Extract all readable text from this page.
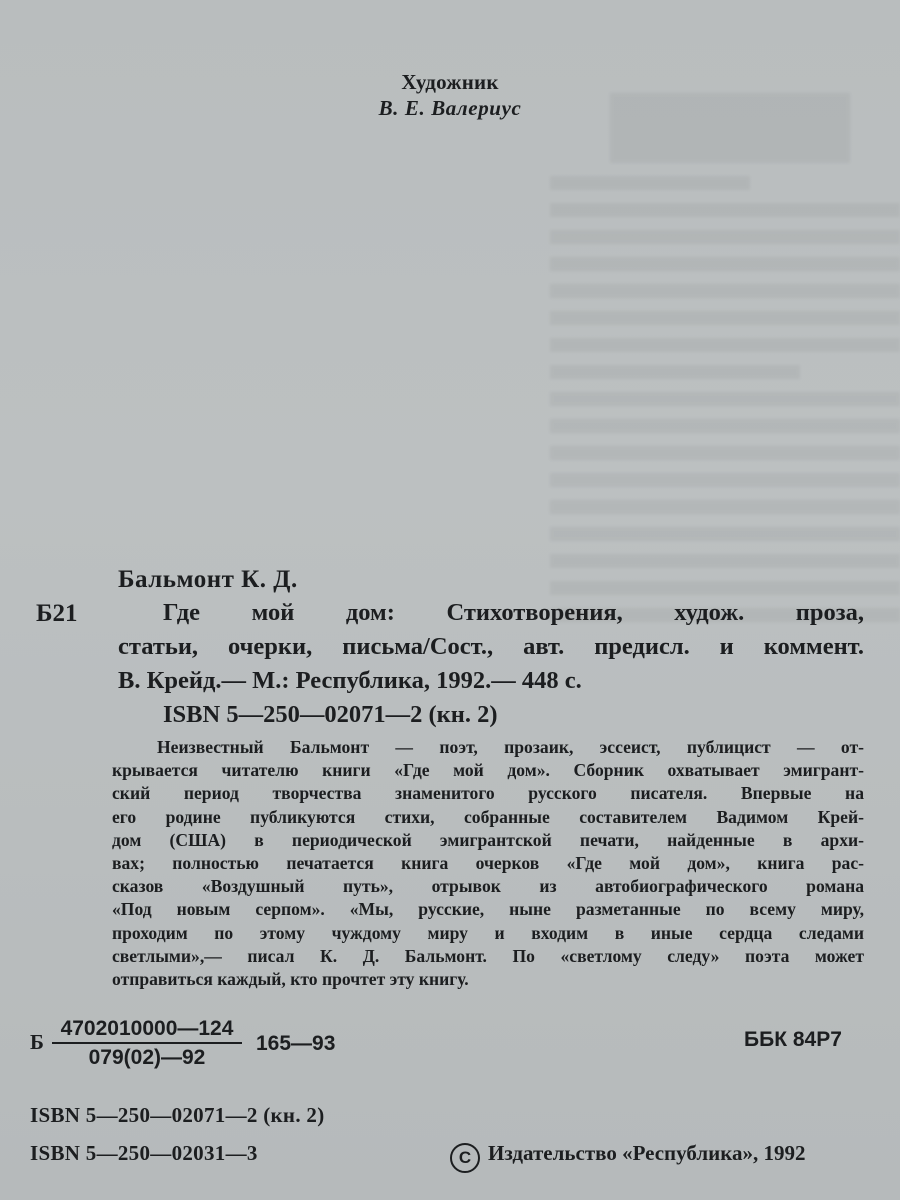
Художник
В. Е. Валериус
Б21
Бальмонт К. Д.
Где мой дом: Стихотворения, худож. проза,
статьи, очерки, письма/Сост., авт. предисл. и коммент.
В. Крейд.— М.: Республика, 1992.— 448 с.
ISBN 5—250—02071—2 (кн. 2)
Неизвестный Бальмонт — поэт, прозаик, эссеист, публицист — от-
крывается читателю книги «Где мой дом». Сборник охватывает эмигрант-
ский период творчества знаменитого русского писателя. Впервые на
его родине публикуются стихи, собранные составителем Вадимом Крей-
дом (США) в периодической эмигрантской печати, найденные в архи-
вах; полностью печатается книга очерков «Где мой дом», книга рас-
сказов «Воздушный путь», отрывок из автобиографического романа
«Под новым серпом». «Мы, русские, ныне разметанные по всему миру,
проходим по этому чуждому миру и входим в иные сердца следами
светлыми»,— писал К. Д. Бальмонт. По «светлому следу» поэта может
отправиться каждый, кто прочтет эту книгу.
Б $\frac{4702010000—124}{079(02)—92}$ 165—93	ББК 84Р7
ISBN 5—250—02071—2 (кн. 2)
ISBN 5—250—02031—3	C Издательство «Республика», 1992
